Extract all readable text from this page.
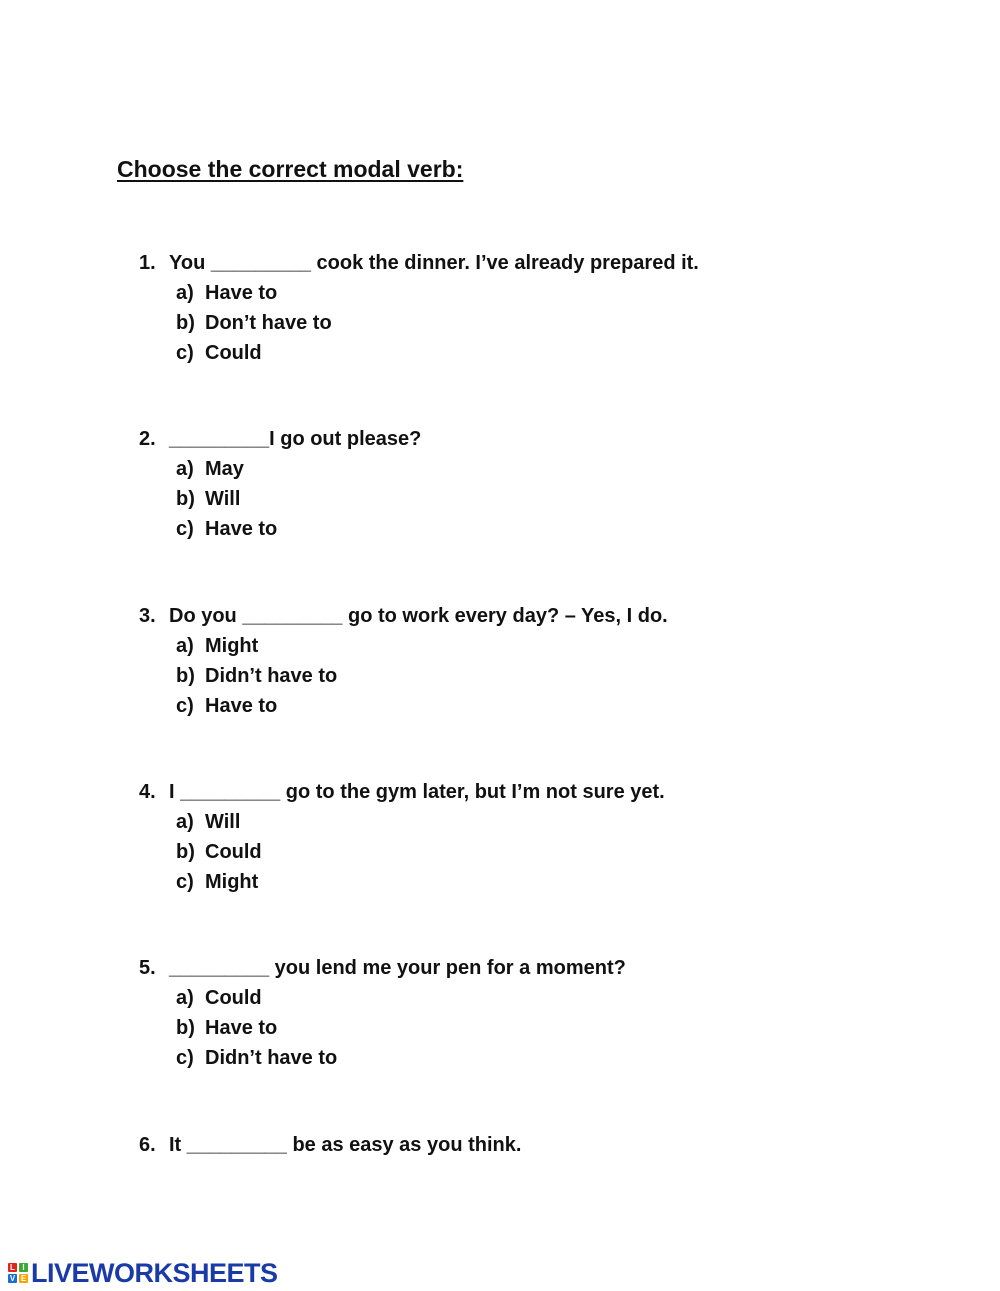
Choose the correct modal verb:
1. You _________ cook the dinner. I’ve already prepared it.
a) Have to
b) Don’t have to
c) Could
2. _________I go out please?
a) May
b) Will
c) Have to
3. Do you _________ go to work every day? – Yes, I do.
a) Might
b) Didn’t have to
c) Have to
4. I _________ go to the gym later, but I’m not sure yet.
a) Will
b) Could
c) Might
5. _________ you lend me your pen for a moment?
a) Could
b) Have to
c) Didn’t have to
6. It _________ be as easy as you think.
L I
V E LIVEWORKSHEETS
